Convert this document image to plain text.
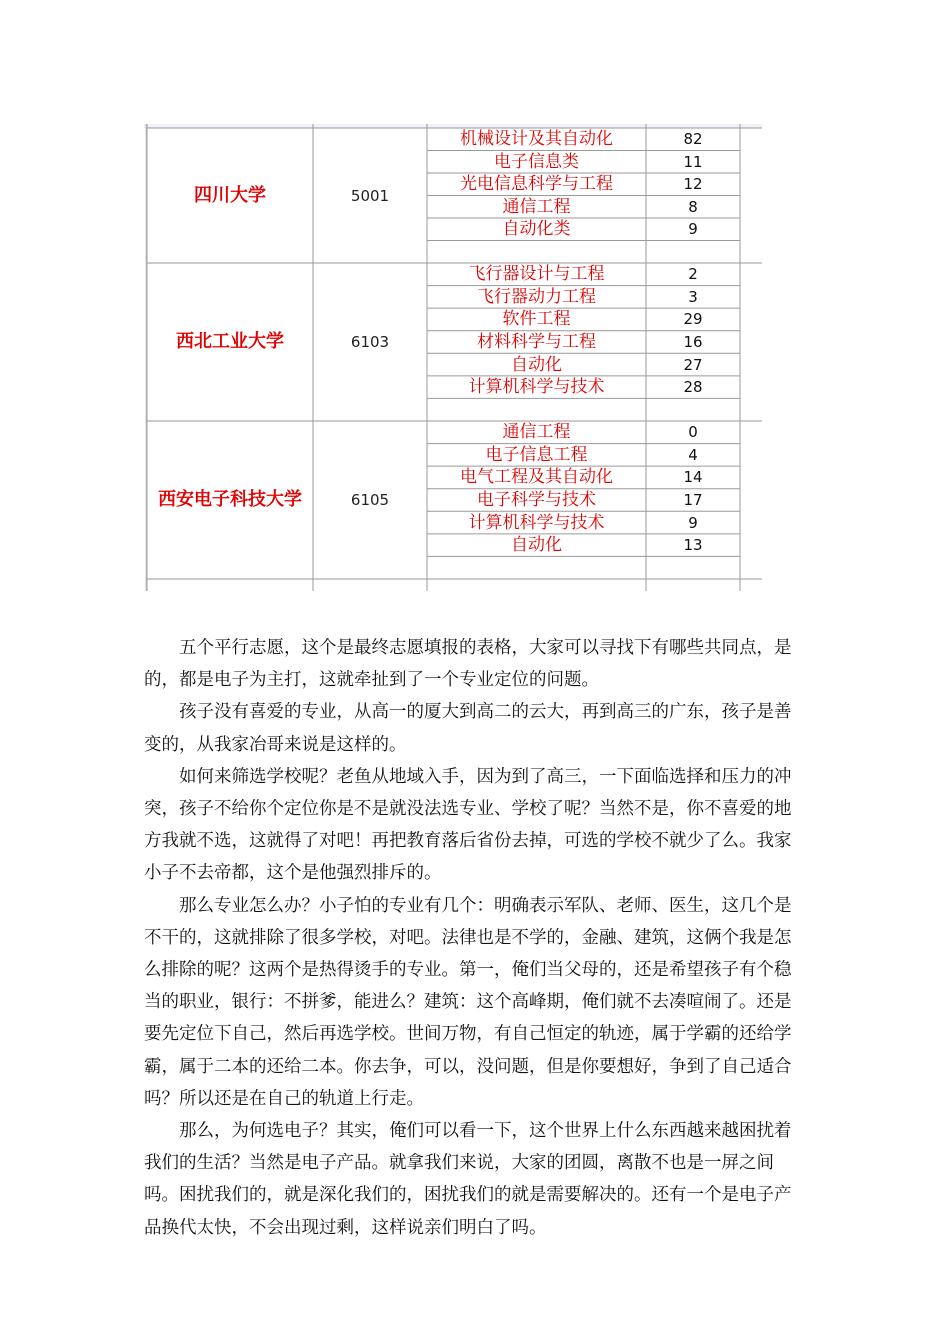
四川大学	5001
机械设计及其自动化	82
电子信息类	11
光电信息科学与工程	12
通信工程	8
自动化类	9
西北工业大学	6103
飞行器设计与工程	2
飞行器动力工程	3
软件工程	29
材料科学与工程	16
自动化	27
计算机科学与技术	28
西安电子科技大学	6105
通信工程	0
电子信息工程	4
电气工程及其自动化	14
电子科学与技术	17
计算机科学与技术	9
自动化	13

五个平行志愿，这个是最终志愿填报的表格，大家可以寻找下有哪些共同点，是的，都是电子为主打，这就牵扯到了一个专业定位的问题。

孩子没有喜爱的专业，从高一的厦大到高二的云大，再到高三的广东，孩子是善变的，从我家冶哥来说是这样的。

如何来筛选学校呢？老鱼从地域入手，因为到了高三，一下面临选择和压力的冲突，孩子不给你个定位你是不是就没法选专业、学校了呢？当然不是，你不喜爱的地方我就不选，这就得了对吧！再把教育落后省份去掉，可选的学校不就少了么。我家小子不去帝都，这个是他强烈排斥的。

那么专业怎么办？小子怕的专业有几个：明确表示军队、老师、医生，这几个是不干的，这就排除了很多学校，对吧。法律也是不学的，金融、建筑，这俩个我是怎么排除的呢？这两个是热得烫手的专业。第一，俺们当父母的，还是希望孩子有个稳当的职业，银行：不拼爹，能进么？建筑：这个高峰期，俺们就不去凑喧闹了。还是要先定位下自己，然后再选学校。世间万物，有自己恒定的轨迹，属于学霸的还给学霸，属于二本的还给二本。你去争，可以，没问题，但是你要想好，争到了自己适合吗？所以还是在自己的轨道上行走。

那么，为何选电子？其实，俺们可以看一下，这个世界上什么东西越来越困扰着我们的生活？当然是电子产品。就拿我们来说，大家的团圆，离散不也是一屏之间吗。困扰我们的，就是深化我们的，困扰我们的就是需要解决的。还有一个是电子产品换代太快，不会出现过剩，这样说亲们明白了吗。
